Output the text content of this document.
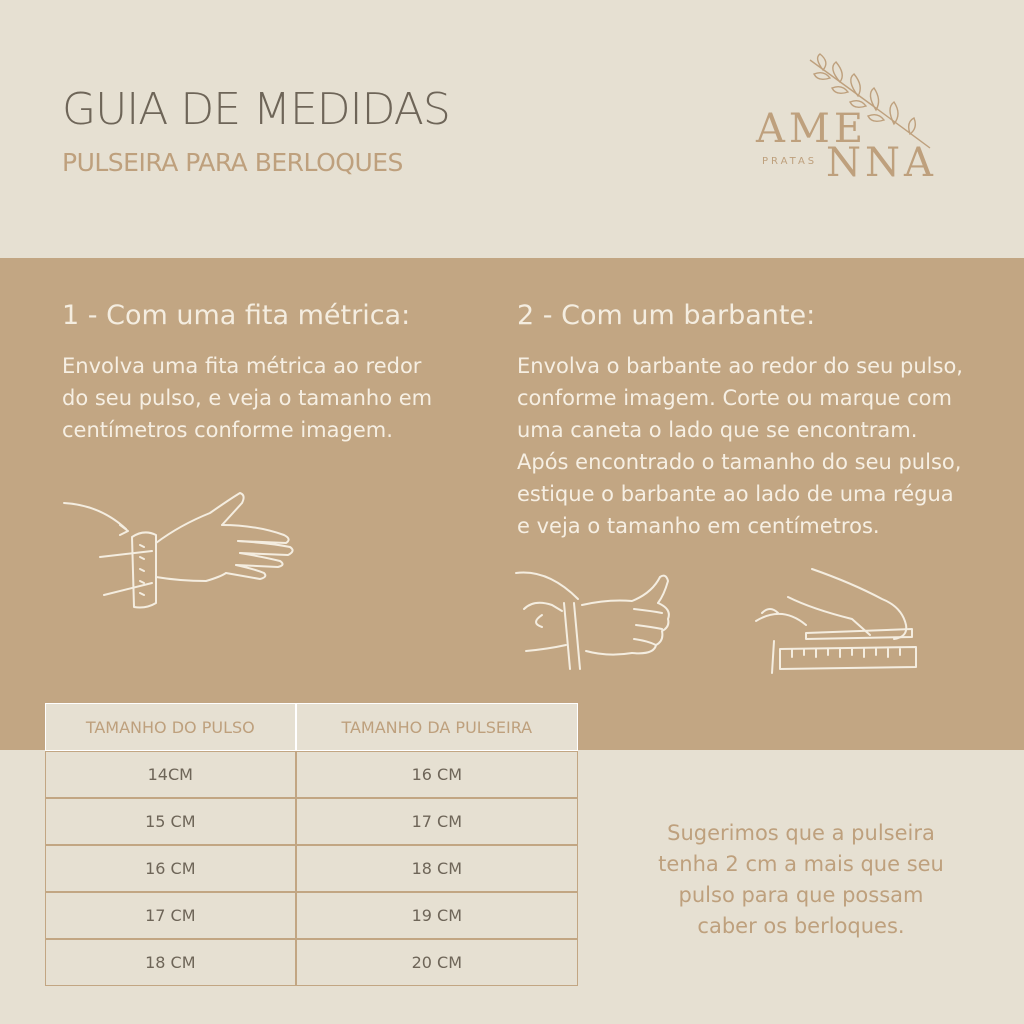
GUIA DE MEDIDAS
PULSEIRA PARA BERLOQUES
AME
PRATAS NNA
1 - Com uma fita métrica:
Envolva uma fita métrica ao redor
do seu pulso, e veja o tamanho em
centímetros conforme imagem.
2 - Com um barbante:
Envolva o barbante ao redor do seu pulso,
conforme imagem. Corte ou marque com
uma caneta o lado que se encontram.
Após encontrado o tamanho do seu pulso,
estique o barbante ao lado de uma régua
e veja o tamanho em centímetros.
TAMANHO DO PULSO	TAMANHO DA PULSEIRA
14CM	16 CM
15 CM	17 CM
16 CM	18 CM
17 CM	19 CM
18 CM	20 CM
Sugerimos que a pulseira
tenha 2 cm a mais que seu
pulso para que possam
caber os berloques.
